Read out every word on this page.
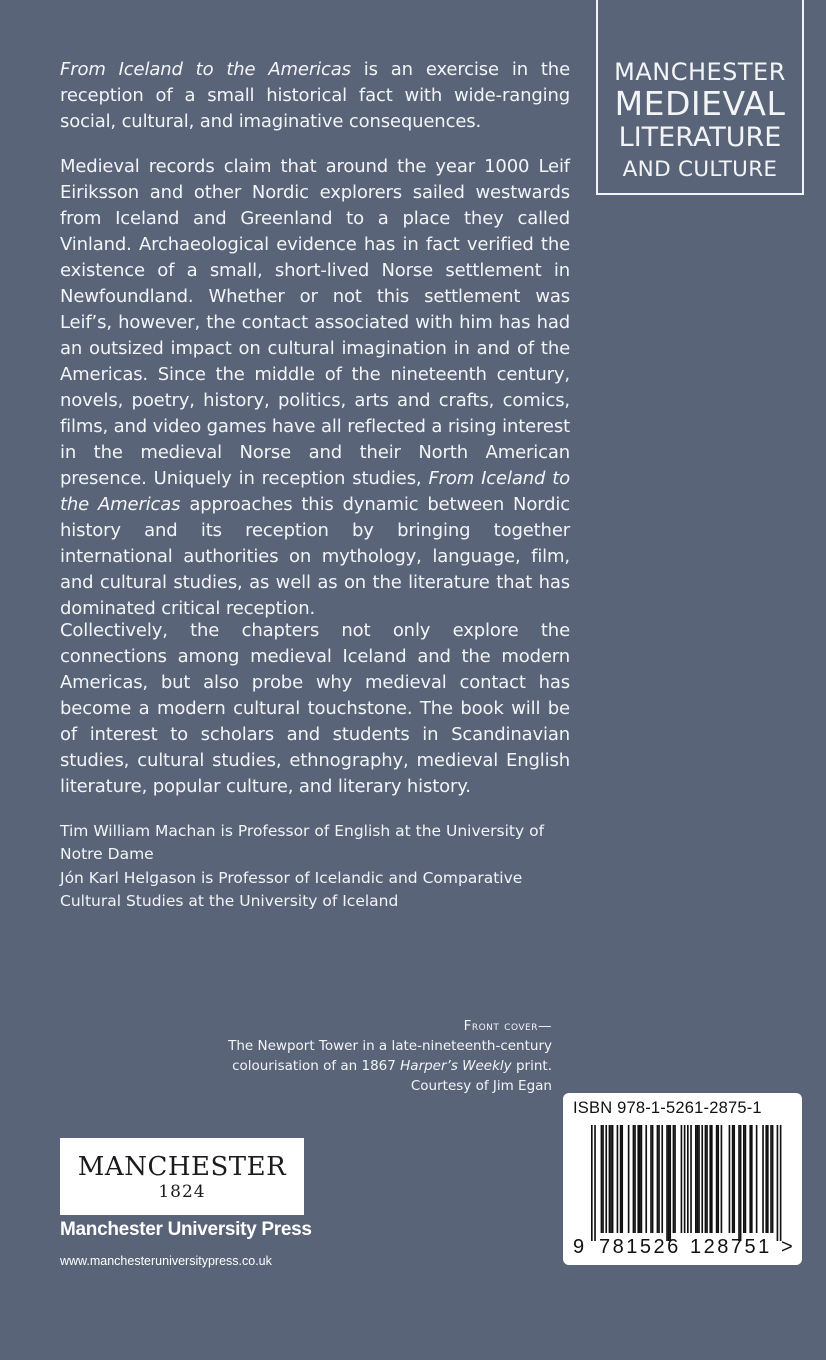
MANCHESTER
MEDIEVAL
LITERATURE
AND CULTURE

From Iceland to the Americas is an exercise in the reception of a small historical fact with wide-ranging social, cultural, and imaginative consequences.

Medieval records claim that around the year 1000 Leif Eiriksson and other Nordic explorers sailed westwards from Iceland and Greenland to a place they called Vinland. Archaeological evidence has in fact verified the existence of a small, short-lived Norse settlement in Newfoundland. Whether or not this settlement was Leif’s, however, the contact associated with him has had an outsized impact on cultural imagination in and of the Americas. Since the middle of the nineteenth century, novels, poetry, history, politics, arts and crafts, comics, films, and video games have all reflected a rising interest in the medieval Norse and their North American presence. Uniquely in reception studies, From Iceland to the Americas approaches this dynamic between Nordic history and its reception by bringing together international authorities on mythology, language, film, and cultural studies, as well as on the literature that has dominated critical reception.

Collectively, the chapters not only explore the connections among medieval Iceland and the modern Americas, but also probe why medieval contact has become a modern cultural touchstone. The book will be of interest to scholars and students in Scandinavian studies, cultural studies, ethnography, medieval English literature, popular culture, and literary history.

Tim William Machan is Professor of English at the University of Notre Dame

Jón Karl Helgason is Professor of Icelandic and Comparative Cultural Studies at the University of Iceland

Front cover—
The Newport Tower in a late-nineteenth-century
colourisation of an 1867 Harper’s Weekly print.
Courtesy of Jim Egan
MANCHESTER
1824
Manchester University Press
www.manchesteruniversitypress.co.uk
ISBN 978-1-5261-2875-1
9 781526 128751 >
